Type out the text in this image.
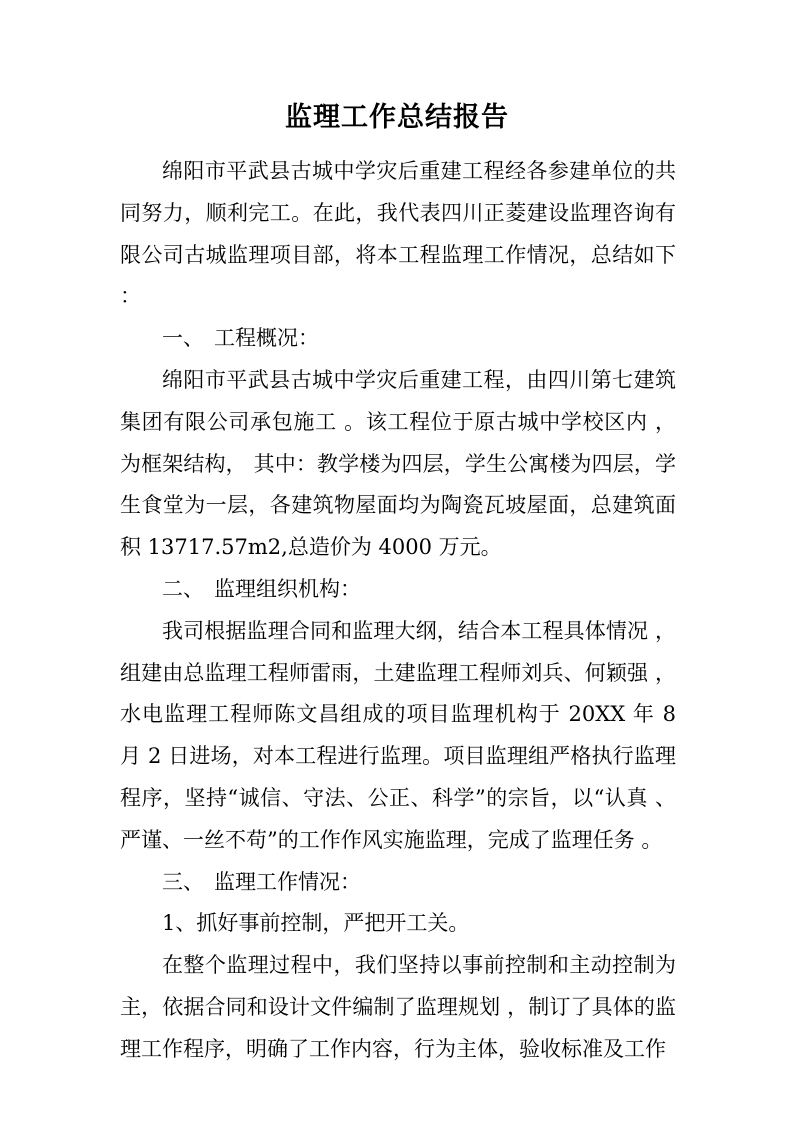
监理工作总结报告

绵阳市平武县古城中学灾后重建工程经各参建单位的共同努力，顺利完工。在此，我代表四川正菱建设监理咨询有限公司古城监理项目部，将本工程监理工作情况，总结如下 ：

一、 工程概况：

绵阳市平武县古城中学灾后重建工程，由四川第七建筑集团有限公司承包施工 。该工程位于原古城中学校区内 ，为框架结构， 其中：教学楼为四层，学生公寓楼为四层，学生食堂为一层，各建筑物屋面均为陶瓷瓦坡屋面，总建筑面积 13717.57m2,总造价为 4000 万元。

二、 监理组织机构：

我司根据监理合同和监理大纲，结合本工程具体情况 ，组建由总监理工程师雷雨，土建监理工程师刘兵、何颖强 ，水电监理工程师陈文昌组成的项目监理机构于 20XX 年 8 月 2 日进场，对本工程进行监理。项目监理组严格执行监理程序，坚持“诚信、守法、公正、科学”的宗旨，以“认真 、严谨、一丝不苟”的工作作风实施监理，完成了监理任务 。

三、 监理工作情况：

1、抓好事前控制，严把开工关。

在整个监理过程中，我们坚持以事前控制和主动控制为主，依据合同和设计文件编制了监理规划 ，制订了具体的监理工作程序，明确了工作内容，行为主体，验收标准及工作
